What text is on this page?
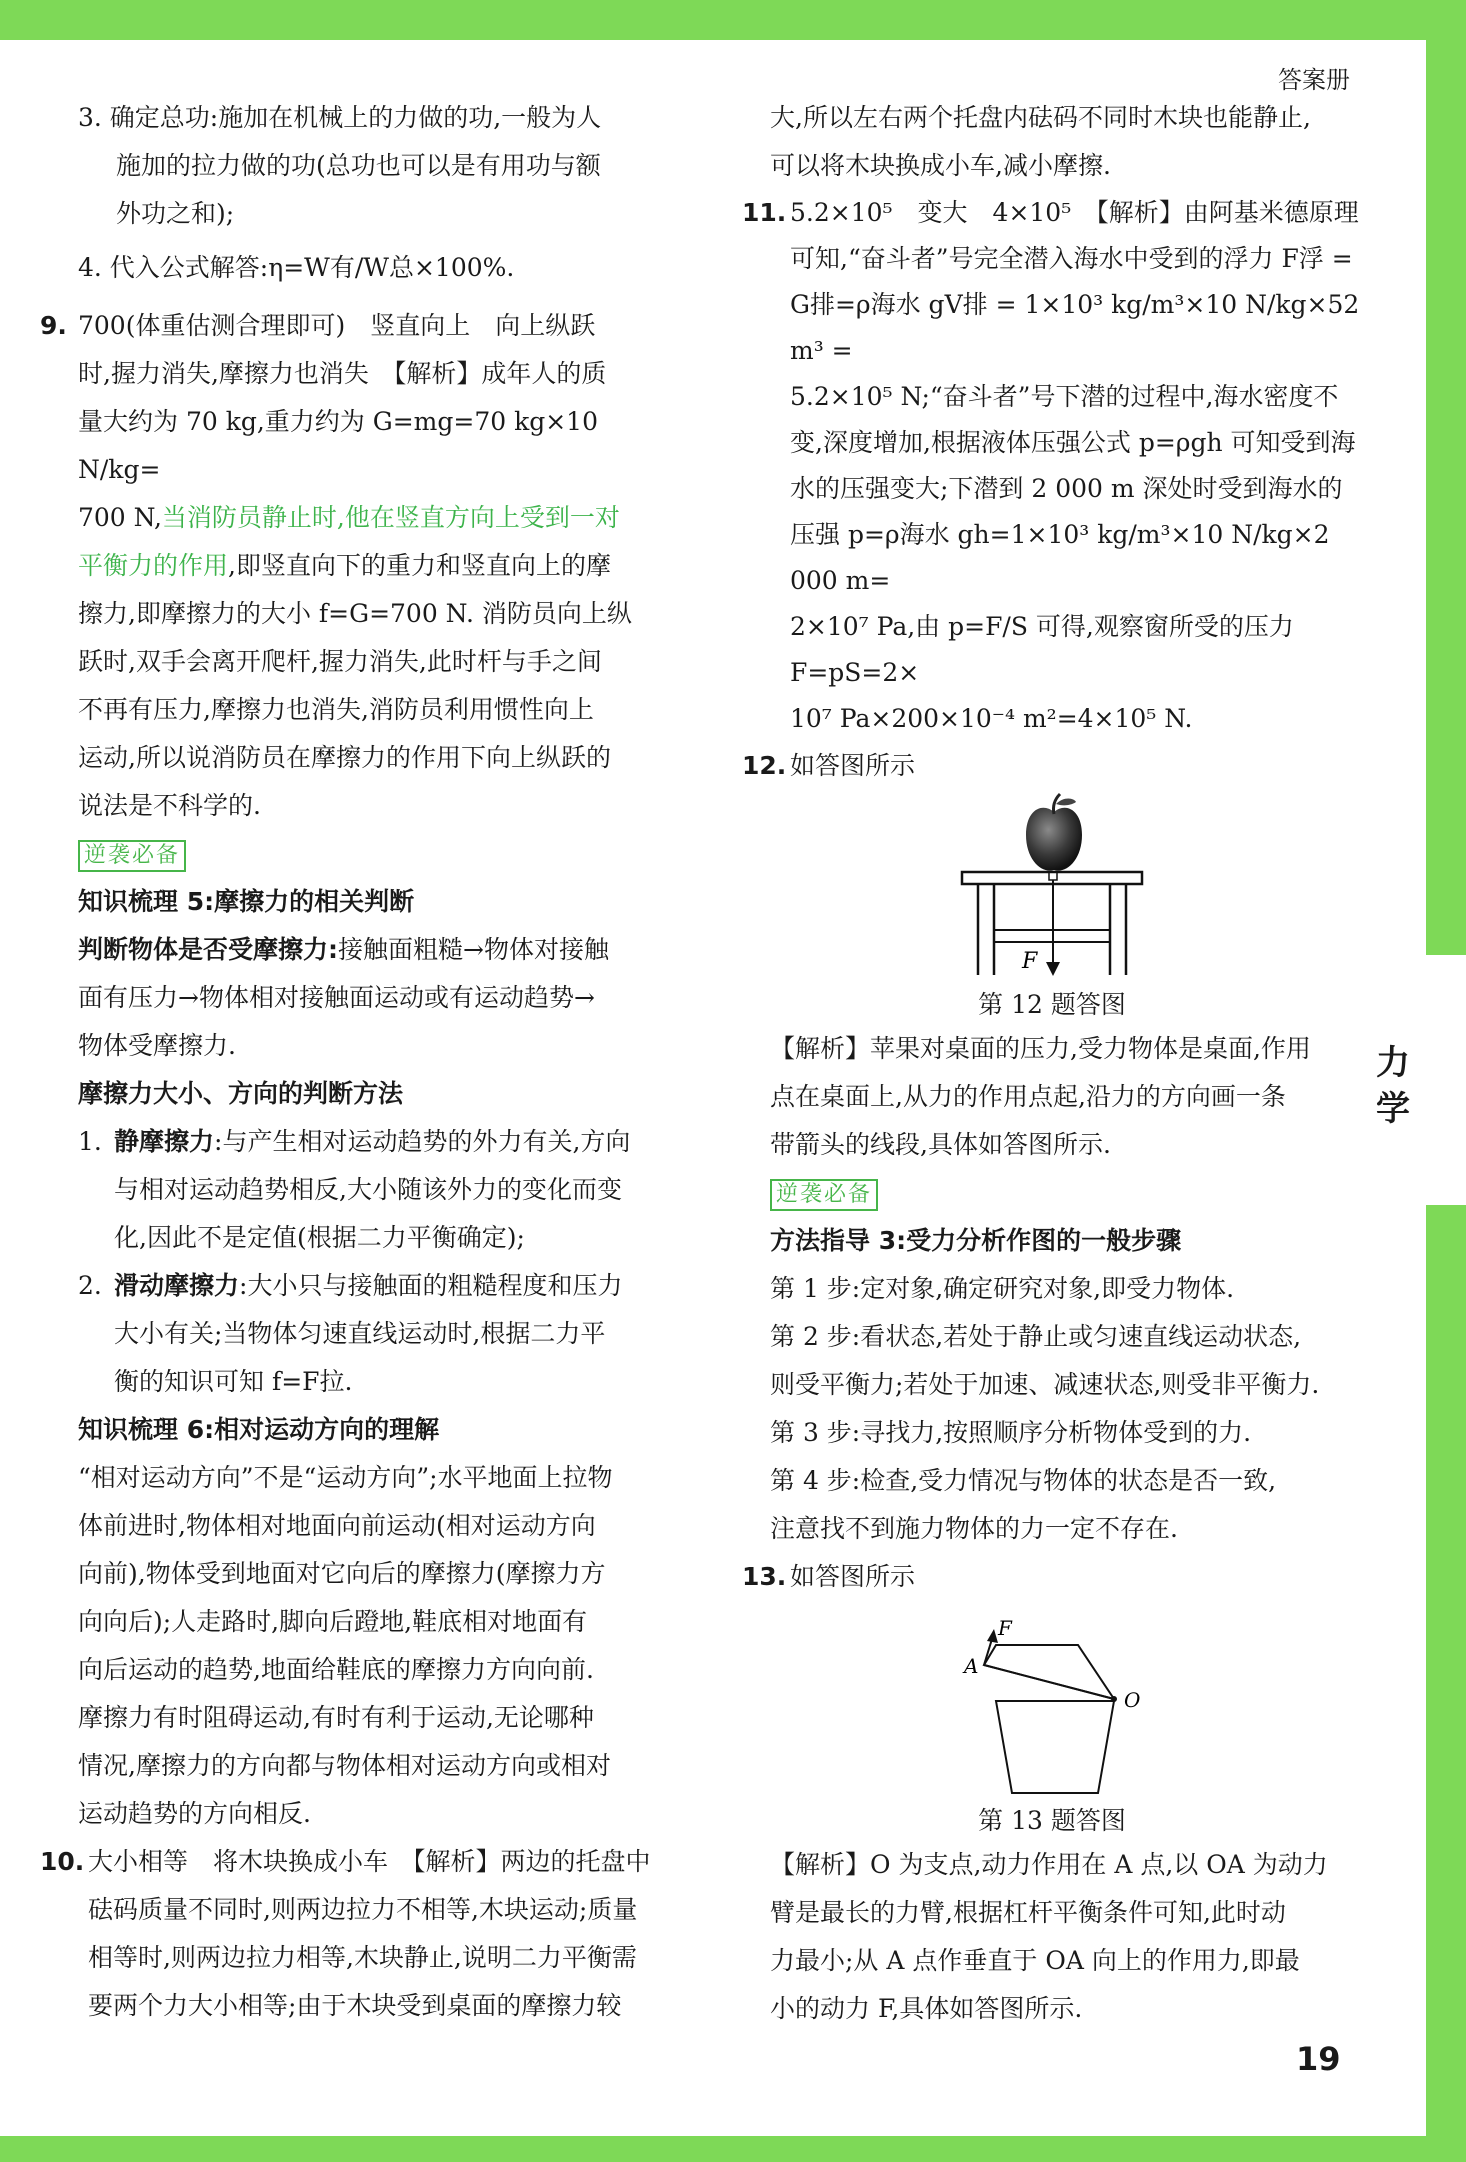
答案册
力
学
19
3. 确定总功:施加在机械上的力做的功,一般为人
施加的拉力做的功(总功也可以是有用功与额
外功之和);
4. 代入公式解答:η=W有/W总×100%.
9. 700(体重估测合理即可)　竖直向上　向上纵跃
时,握力消失,摩擦力也消失　【解析】成年人的质
量大约为 70 kg,重力约为 G=mg=70 kg×10 N/kg=
700 N,当消防员静止时,他在竖直方向上受到一对
平衡力的作用,即竖直向下的重力和竖直向上的摩
擦力,即摩擦力的大小 f=G=700 N. 消防员向上纵
跃时,双手会离开爬杆,握力消失,此时杆与手之间
不再有压力,摩擦力也消失,消防员利用惯性向上
运动,所以说消防员在摩擦力的作用下向上纵跃的
说法是不科学的.
逆袭必备
知识梳理 5:摩擦力的相关判断
判断物体是否受摩擦力:接触面粗糙→物体对接触
面有压力→物体相对接触面运动或有运动趋势→
物体受摩擦力.
摩擦力大小、方向的判断方法
1. 静摩擦力:与产生相对运动趋势的外力有关,方向
与相对运动趋势相反,大小随该外力的变化而变
化,因此不是定值(根据二力平衡确定);
2. 滑动摩擦力:大小只与接触面的粗糙程度和压力
大小有关;当物体匀速直线运动时,根据二力平
衡的知识可知 f=F拉.
知识梳理 6:相对运动方向的理解
“相对运动方向”不是“运动方向”;水平地面上拉物
体前进时,物体相对地面向前运动(相对运动方向
向前),物体受到地面对它向后的摩擦力(摩擦力方
向向后);人走路时,脚向后蹬地,鞋底相对地面有
向后运动的趋势,地面给鞋底的摩擦力方向向前.
摩擦力有时阻碍运动,有时有利于运动,无论哪种
情况,摩擦力的方向都与物体相对运动方向或相对
运动趋势的方向相反.
10. 大小相等　将木块换成小车　【解析】两边的托盘中
砝码质量不同时,则两边拉力不相等,木块运动;质量
相等时,则两边拉力相等,木块静止,说明二力平衡需
要两个力大小相等;由于木块受到桌面的摩擦力较
大,所以左右两个托盘内砝码不同时木块也能静止,
可以将木块换成小车,减小摩擦.
11. 5.2×10⁵　变大　4×10⁵　【解析】由阿基米德原理
可知,“奋斗者”号完全潜入海水中受到的浮力 F浮 =
G排=ρ海水 gV排 = 1×10³ kg/m³×10 N/kg×52 m³ =
5.2×10⁵ N;“奋斗者”号下潜的过程中,海水密度不
变,深度增加,根据液体压强公式 p=ρgh 可知受到海
水的压强变大;下潜到 2 000 m 深处时受到海水的
压强 p=ρ海水 gh=1×10³ kg/m³×10 N/kg×2 000 m=
2×10⁷ Pa,由 p=F/S 可得,观察窗所受的压力 F=pS=2×
10⁷ Pa×200×10⁻⁴ m²=4×10⁵ N.
12. 如答图所示
F
第 12 题答图
【解析】苹果对桌面的压力,受力物体是桌面,作用
点在桌面上,从力的作用点起,沿力的方向画一条
带箭头的线段,具体如答图所示.
逆袭必备
方法指导 3:受力分析作图的一般步骤
第 1 步:定对象,确定研究对象,即受力物体.
第 2 步:看状态,若处于静止或匀速直线运动状态,
则受平衡力;若处于加速、减速状态,则受非平衡力.
第 3 步:寻找力,按照顺序分析物体受到的力.
第 4 步:检查,受力情况与物体的状态是否一致,
注意找不到施力物体的力一定不存在.
13. 如答图所示
F
A
O
第 13 题答图
【解析】O 为支点,动力作用在 A 点,以 OA 为动力
臂是最长的力臂,根据杠杆平衡条件可知,此时动
力最小;从 A 点作垂直于 OA 向上的作用力,即最
小的动力 F,具体如答图所示.
